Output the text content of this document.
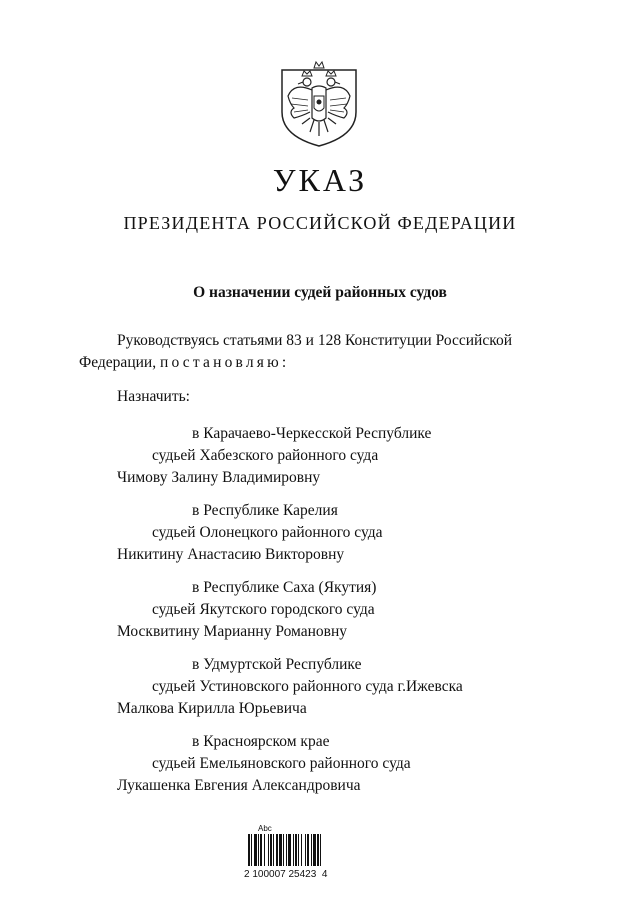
УКАЗ
ПРЕЗИДЕНТА РОССИЙСКОЙ ФЕДЕРАЦИИ
О назначении судей районных судов
Руководствуясь статьями 83 и 128 Конституции Российской
Федерации, постановляю:
Назначить:
в Карачаево-Черкесской Республике
судьей Хабезского районного суда
Чимову Залину Владимировну
в Республике Карелия
судьей Олонецкого районного суда
Никитину Анастасию Викторовну
в Республике Саха (Якутия)
судьей Якутского городского суда
Москвитину Марианну Романовну
в Удмуртской Республике
судьей Устиновского районного суда г.Ижевска
Малкова Кирилла Юрьевича
в Красноярском крае
судьей Емельяновского районного суда
Лукашенка Евгения Александровича
Abc
2 100007 25423  4
